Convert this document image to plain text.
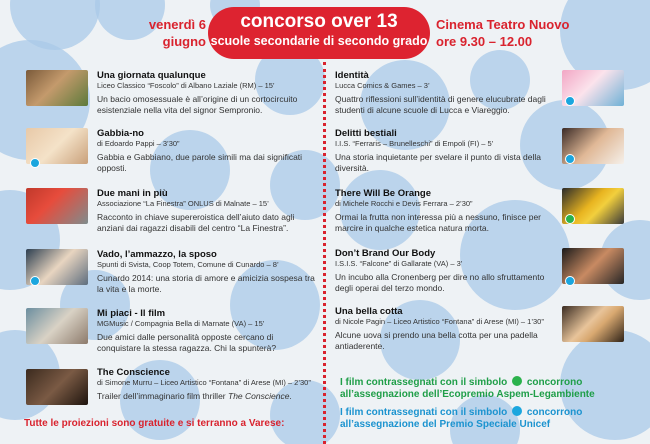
venerdì 6
giugno
concorso over 13
scuole secondarie di secondo grado
Cinema Teatro Nuovo
ore 9.30 – 12.00
Una giornata qualunque
Liceo Classico “Foscolo” di Albano Laziale (RM) – 15’
Un bacio omosessuale è all’origine di un cortocircuito esistenziale nella vita del signor Sempronio.
Gabbia-no
di Edoardo Pappi – 3’30”
Gabbia e Gabbiano, due parole simili ma dai significati opposti.
Due mani in più
Associazione “La Finestra” ONLUS di Malnate – 15’
Racconto in chiave supereroistica dell’aiuto dato agli anziani dai ragazzi disabili del centro “La Finestra”.
Vado, l’ammazzo, la sposo
Spunti di Svista, Coop Totem, Comune di Cunardo – 8’
Cunardo 2014: una storia di amore e amicizia sospesa tra la vita e la morte.
Mi piaci - Il film
MGMusic / Compagnia Bella di Marnate (VA) – 15’
Due amici dalle personalità opposte cercano di conquistare la stessa ragazza. Chi la spunterà?
The Conscience
di Simone Murru – Liceo Artistico “Fontana” di Arese (MI) – 2’30”
Trailer dell’immaginario film thriller The Conscience.
Identità
Lucca Comics & Games – 3’
Quattro riflessioni sull’identità di genere elucubrate dagli studenti di alcune scuole di Lucca e Viareggio.
Delitti bestiali
I.I.S. “Ferraris – Brunelleschi” di Empoli (FI) – 5’
Una storia inquietante per svelare il punto di vista della diversità.
There Will Be Orange
di Michele Rocchi e Devis Ferrara – 2’30”
Ormai la frutta non interessa più a nessuno, finisce per marcire in qualche estetica natura morta.
Don’t Brand Our Body
I.S.I.S. “Falcone” di Gallarate (VA) – 3’
Un incubo alla Cronenberg per dire no allo sfruttamento degli operai del terzo mondo.
Una bella cotta
di Nicole Pagin – Liceo Artistico “Fontana” di Arese (MI) – 1’30”
Alcune uova si prendo una bella cotta per una padella antiaderente.
I film contrassegnati con il simbolo concorrono
all’assegnazione dell’Ecopremio Aspem-Legambiente
I film contrassegnati con il simbolo concorrono
all’assegnazione del Premio Speciale Unicef
Tutte le proiezioni sono gratuite e si terranno a Varese:
